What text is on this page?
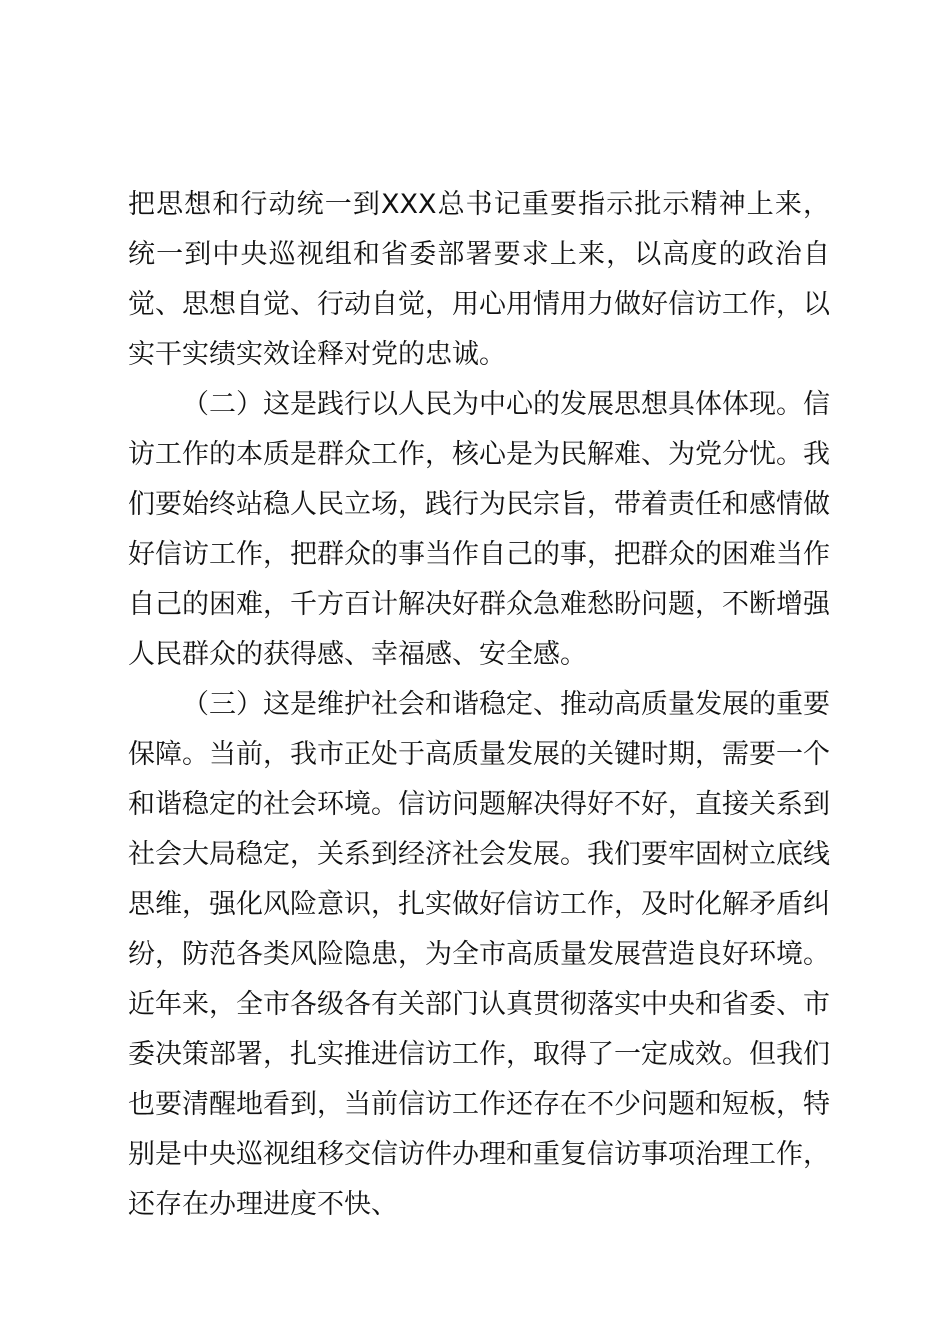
把思想和行动统一到XXX总书记重要指示批示精神上来，统一到中央巡视组和省委部署要求上来，以高度的政治自觉、思想自觉、行动自觉，用心用情用力做好信访工作，以实干实绩实效诠释对党的忠诚。

（二）这是践行以人民为中心的发展思想具体体现。信访工作的本质是群众工作，核心是为民解难、为党分忧。我们要始终站稳人民立场，践行为民宗旨，带着责任和感情做好信访工作，把群众的事当作自己的事，把群众的困难当作自己的困难，千方百计解决好群众急难愁盼问题，不断增强人民群众的获得感、幸福感、安全感。

（三）这是维护社会和谐稳定、推动高质量发展的重要保障。当前，我市正处于高质量发展的关键时期，需要一个和谐稳定的社会环境。信访问题解决得好不好，直接关系到社会大局稳定，关系到经济社会发展。我们要牢固树立底线思维，强化风险意识，扎实做好信访工作，及时化解矛盾纠纷，防范各类风险隐患，为全市高质量发展营造良好环境。近年来，全市各级各有关部门认真贯彻落实中央和省委、市委决策部署，扎实推进信访工作，取得了一定成效。但我们也要清醒地看到，当前信访工作还存在不少问题和短板，特别是中央巡视组移交信访件办理和重复信访事项治理工作，还存在办理进度不快、
